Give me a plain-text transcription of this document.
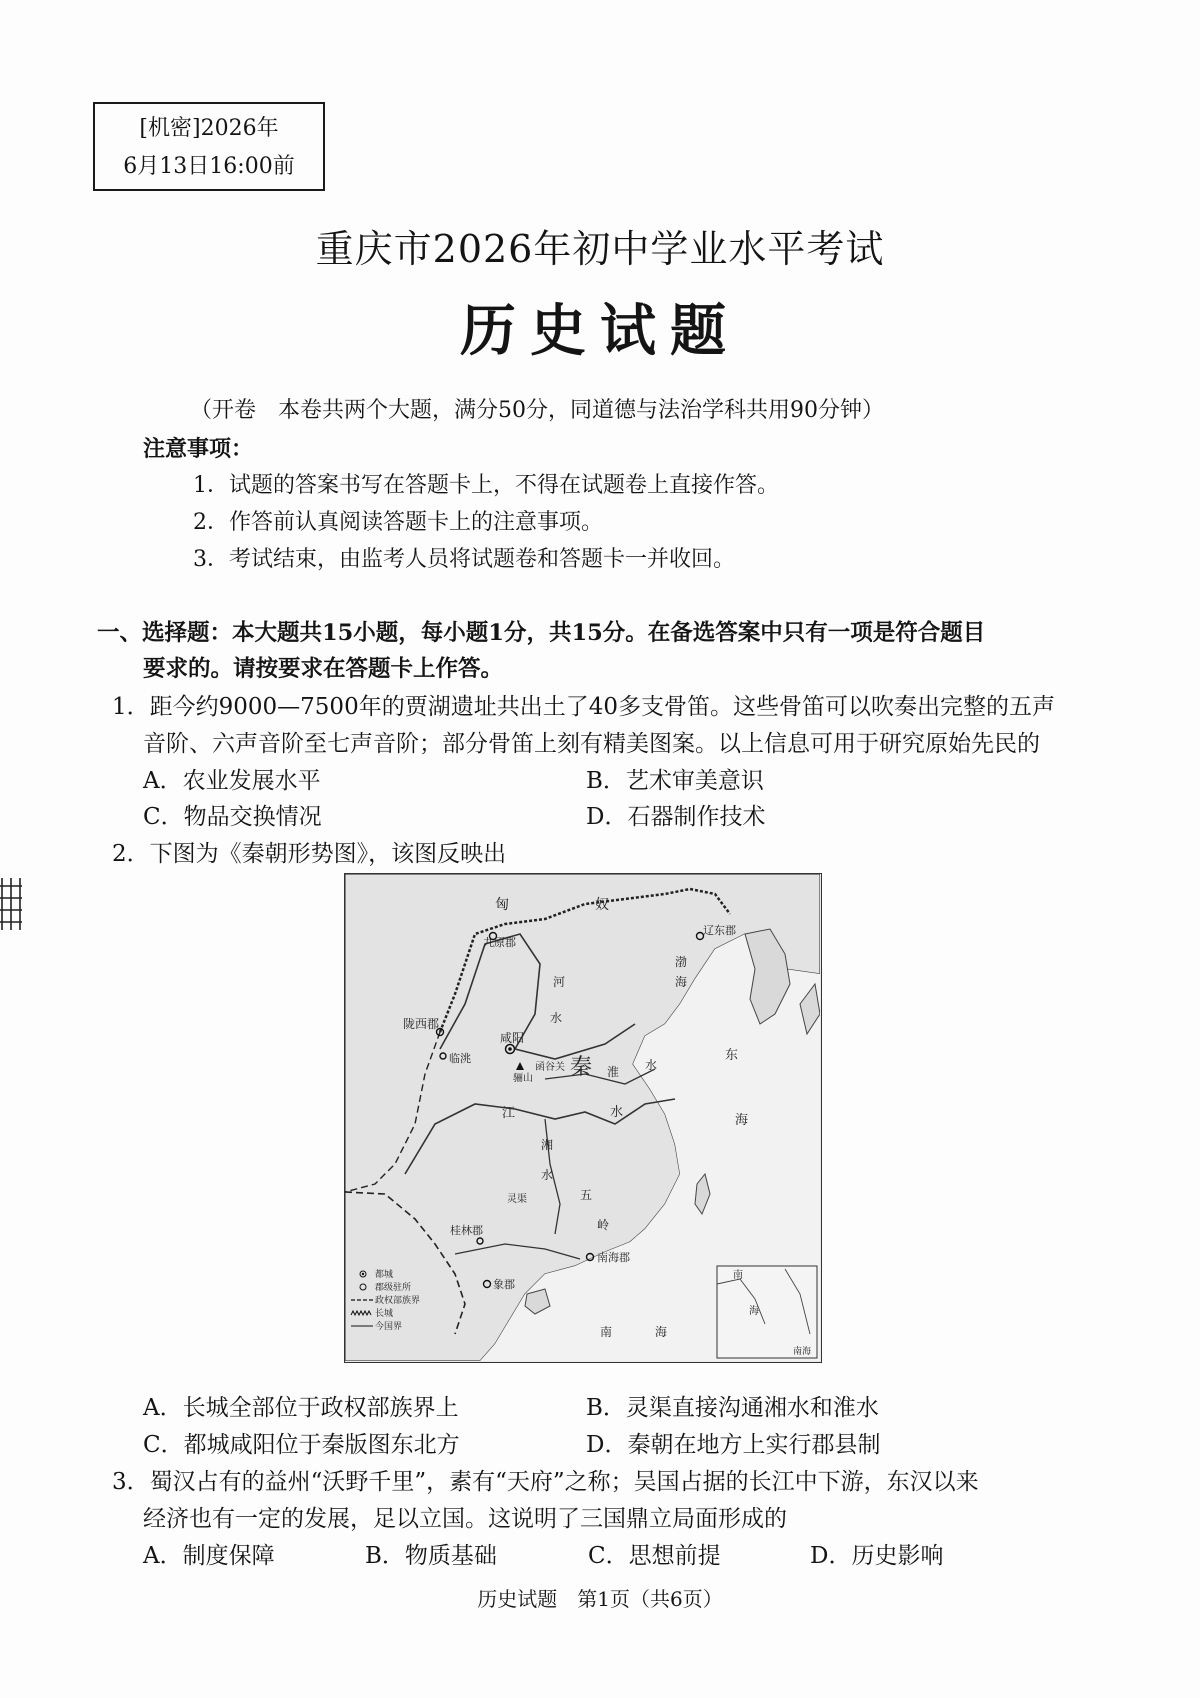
[机密]2026年
6月13日16:00前
重庆市2026年初中学业水平考试
历史试题
（开卷　本卷共两个大题，满分50分，同道德与法治学科共用90分钟）
注意事项：
1．试题的答案书写在答题卡上，不得在试题卷上直接作答。
2．作答前认真阅读答题卡上的注意事项。
3．考试结束，由监考人员将试题卷和答题卡一并收回。
一、选择题：本大题共15小题，每小题1分，共15分。在备选答案中只有一项是符合题目
要求的。请按要求在答题卡上作答。
1．距今约9000—7500年的贾湖遗址共出土了40多支骨笛。这些骨笛可以吹奏出完整的五声
音阶、六声音阶至七声音阶；部分骨笛上刻有精美图案。以上信息可用于研究原始先民的
A．农业发展水平	B．艺术审美意识
C．物品交换情况	D．石器制作技术
2．下图为《秦朝形势图》，该图反映出
匈	奴
九原郡
辽东郡
渤
海
河
水
陇西郡
临洮
咸阳
骊山
函谷关 秦 淮 水
东
海
江	水
湘
水
灵渠	五
岭
桂林郡
南海郡
象郡
南	海
南
海
南海
都城
郡级驻所
政权部族界
长城
今国界
A．长城全部位于政权部族界上	B．灵渠直接沟通湘水和淮水
C．都城咸阳位于秦版图东北方	D．秦朝在地方上实行郡县制
3．蜀汉占有的益州“沃野千里”，素有“天府”之称；吴国占据的长江中下游，东汉以来
经济也有一定的发展，足以立国。这说明了三国鼎立局面形成的
A．制度保障	B．物质基础	C．思想前提	D．历史影响
历史试题　第1页（共6页）
